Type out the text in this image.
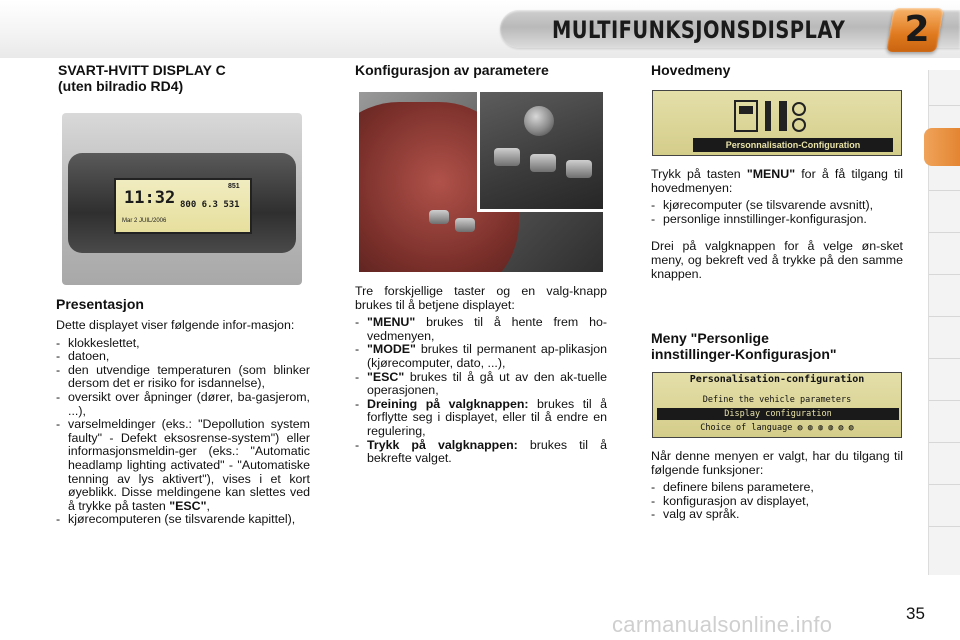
MULTIFUNKSJONSDISPLAY 2
SVART-HVITT DISPLAY C
(uten bilradio RD4)
851
11:32 800 6.3 531
Mar 2 JUIL/2006
Presentasjon

Dette displayet viser følgende infor-masjon:

- klokkeslettet,
- datoen,
- den utvendige temperaturen (som blinker dersom det er risiko for isdannelse),
- oversikt over åpninger (dører, ba-gasjerom, ...),
- varselmeldinger (eks.: "Depollution system faulty" - Defekt eksosrense-system") eller informasjonsmeldin-ger (eks.: "Automatic headlamp lighting activated" - "Automatiske tenning av lys aktivert"), vises i et kort øyeblikk. Disse meldingene kan slettes ved å trykke på tasten "ESC",
- kjørecomputeren (se tilsvarende kapittel),
Konfigurasjon av parametere

Tre forskjellige taster og en valg-knapp brukes til å betjene displayet:

- "MENU" brukes til å hente frem ho-vedmenyen,
- "MODE" brukes til permanent ap-plikasjon (kjørecomputer, dato, ...),
- "ESC" brukes til å gå ut av den ak-tuelle operasjonen,
- Dreining på valgknappen: brukes til å forflytte seg i displayet, eller til å endre en regulering,
- Trykk på valgknappen: brukes til å bekrefte valget.
Hovedmeny
Personnalisation-Configuration

Trykk på tasten "MENU" for å få tilgang til hovedmenyen:

- kjørecomputer (se tilsvarende avsnitt),
- personlige innstillinger-konfigurasjon.

Drei på valgknappen for å velge øn-sket meny, og bekreft ved å trykke på den samme knappen.

Meny "Personlige
innstillinger-Konfigurasjon"
Personalisation-configuration
Define the vehicle parameters
Display configuration
Choice of language ◍ ◍ ◍ ◍ ◍ ◍

Når denne menyen er valgt, har du tilgang til følgende funksjoner:

- definere bilens parametere,
- konfigurasjon av displayet,
- valg av språk.
carmanualsonline.info	35
